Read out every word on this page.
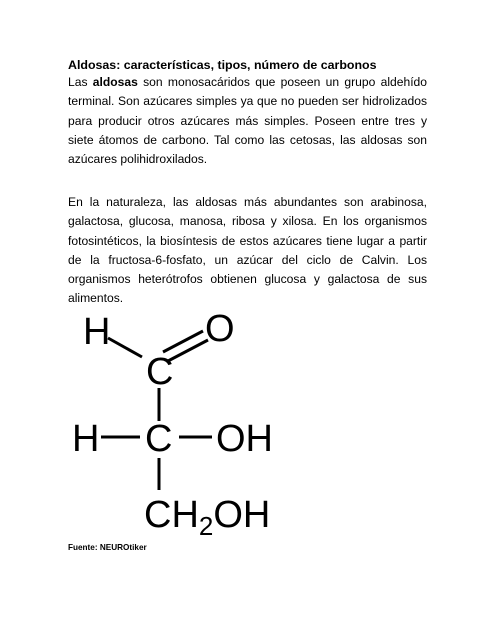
Aldosas: características, tipos, número de carbonos
Las aldosas son monosacáridos que poseen un grupo aldehído terminal. Son azúcares simples ya que no pueden ser hidrolizados para producir otros azúcares más simples. Poseen entre tres y siete átomos de carbono. Tal como las cetosas, las aldosas son azúcares polihidroxilados.
En la naturaleza, las aldosas más abundantes son arabinosa, galactosa, glucosa, manosa, ribosa y xilosa. En los organismos fotosintéticos, la biosíntesis de estos azúcares tiene lugar a partir de la fructosa-6-fosfato, un azúcar del ciclo de Calvin. Los organismos heterótrofos obtienen glucosa y galactosa de sus alimentos.
H O
C
H C OH
$CH_2OH$
Fuente: NEUROtiker
